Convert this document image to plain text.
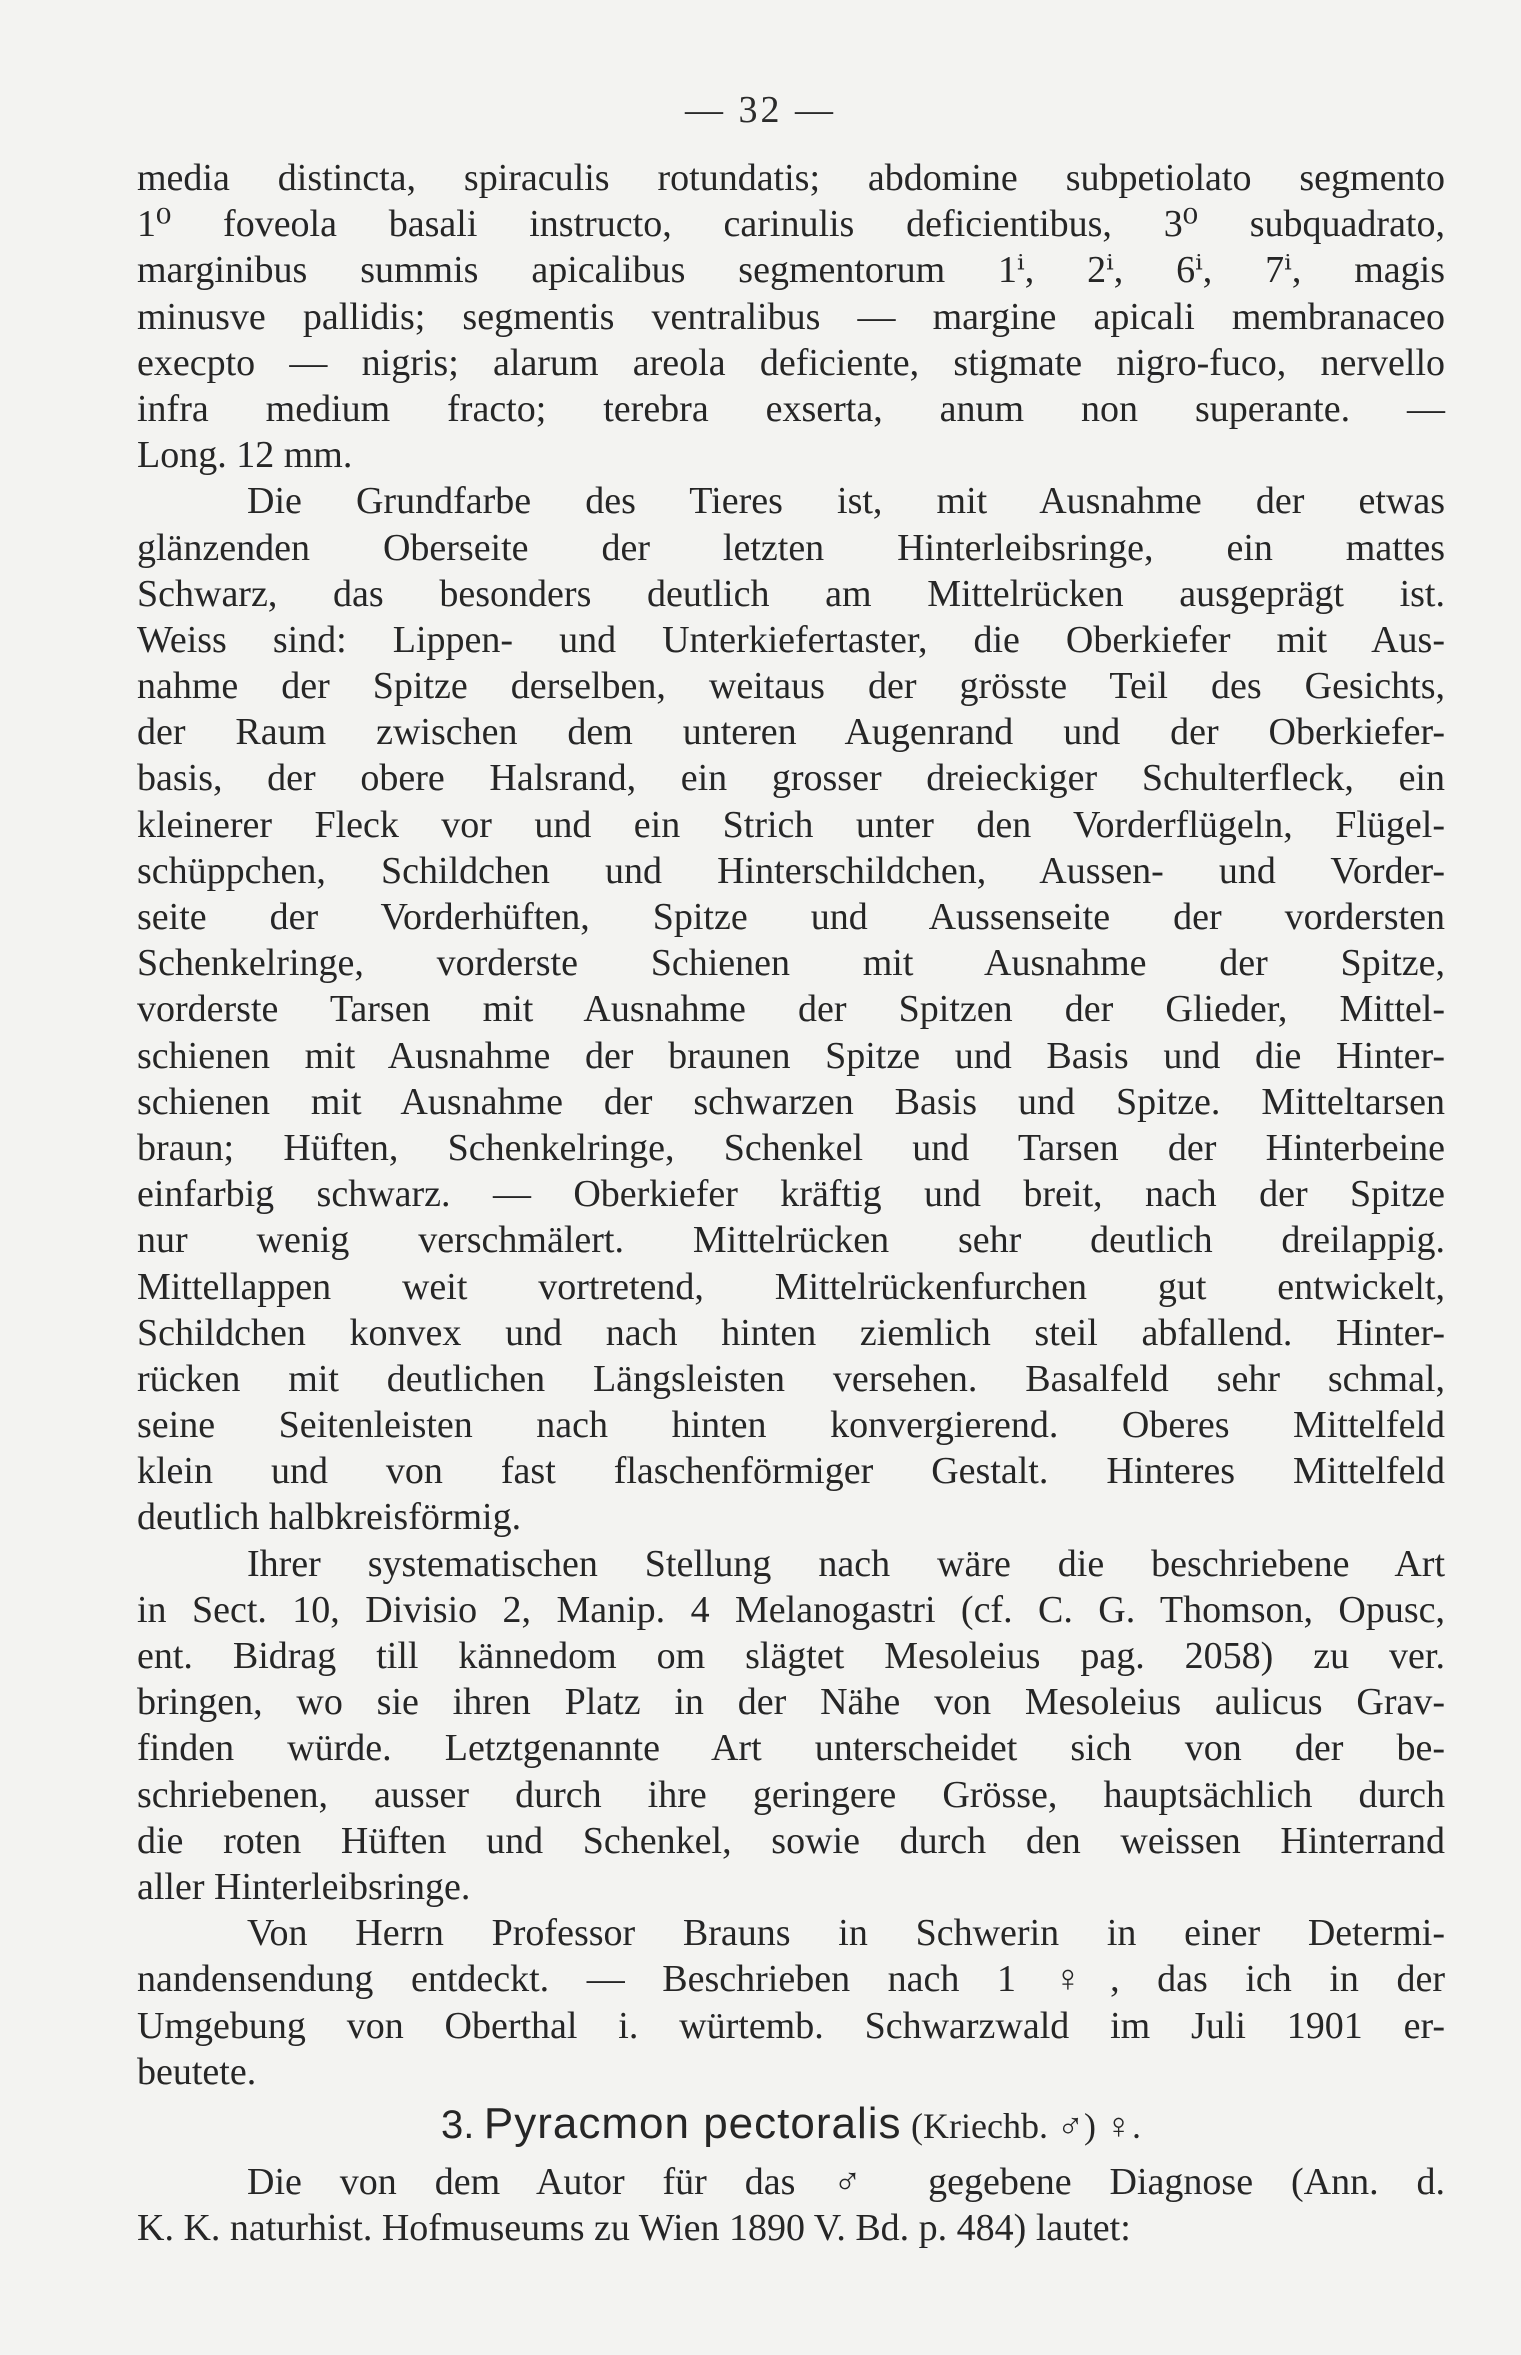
— 32 —
media distincta, spiraculis rotundatis; abdomine subpetiolato segmento
1⁰ foveola basali instructo, carinulis deficientibus, 3⁰ subquadrato,
marginibus summis apicalibus segmentorum 1ⁱ, 2ⁱ, 6ⁱ, 7ⁱ, magis
minusve pallidis; segmentis ventralibus — margine apicali membranaceo
execpto — nigris; alarum areola deficiente, stigmate nigro-fuco, nervello
infra medium fracto; terebra exserta, anum non superante. —
Long. 12 mm.
Die Grundfarbe des Tieres ist, mit Ausnahme der etwas
glänzenden Oberseite der letzten Hinterleibsringe, ein mattes
Schwarz, das besonders deutlich am Mittelrücken ausgeprägt ist.
Weiss sind: Lippen- und Unterkiefertaster, die Oberkiefer mit Aus-
nahme der Spitze derselben, weitaus der grösste Teil des Gesichts,
der Raum zwischen dem unteren Augenrand und der Oberkiefer-
basis, der obere Halsrand, ein grosser dreieckiger Schulterfleck, ein
kleinerer Fleck vor und ein Strich unter den Vorderflügeln, Flügel-
schüppchen, Schildchen und Hinterschildchen, Aussen- und Vorder-
seite der Vorderhüften, Spitze und Aussenseite der vordersten
Schenkelringe, vorderste Schienen mit Ausnahme der Spitze,
vorderste Tarsen mit Ausnahme der Spitzen der Glieder, Mittel-
schienen mit Ausnahme der braunen Spitze und Basis und die Hinter-
schienen mit Ausnahme der schwarzen Basis und Spitze. Mitteltarsen
braun; Hüften, Schenkelringe, Schenkel und Tarsen der Hinterbeine
einfarbig schwarz. — Oberkiefer kräftig und breit, nach der Spitze
nur wenig verschmälert. Mittelrücken sehr deutlich dreilappig.
Mittellappen weit vortretend, Mittelrückenfurchen gut entwickelt,
Schildchen konvex und nach hinten ziemlich steil abfallend. Hinter-
rücken mit deutlichen Längsleisten versehen. Basalfeld sehr schmal,
seine Seitenleisten nach hinten konvergierend. Oberes Mittelfeld
klein und von fast flaschenförmiger Gestalt. Hinteres Mittelfeld
deutlich halbkreisförmig.
Ihrer systematischen Stellung nach wäre die beschriebene Art
in Sect. 10, Divisio 2, Manip. 4 Melanogastri (cf. C. G. Thomson, Opusc,
ent. Bidrag till kännedom om slägtet Mesoleius pag. 2058) zu ver.
bringen, wo sie ihren Platz in der Nähe von Mesoleius aulicus Grav-
finden würde. Letztgenannte Art unterscheidet sich von der be-
schriebenen, ausser durch ihre geringere Grösse, hauptsächlich durch
die roten Hüften und Schenkel, sowie durch den weissen Hinterrand
aller Hinterleibsringe.
Von Herrn Professor Brauns in Schwerin in einer Determi-
nandensendung entdeckt. — Beschrieben nach 1 ♀, das ich in der
Umgebung von Oberthal i. würtemb. Schwarzwald im Juli 1901 er-
beutete.
3. Pyracmon pectoralis (Kriechb. ♂) ♀.
Die von dem Autor für das ♂ gegebene Diagnose (Ann. d.
K. K. naturhist. Hofmuseums zu Wien 1890 V. Bd. p. 484) lautet:
